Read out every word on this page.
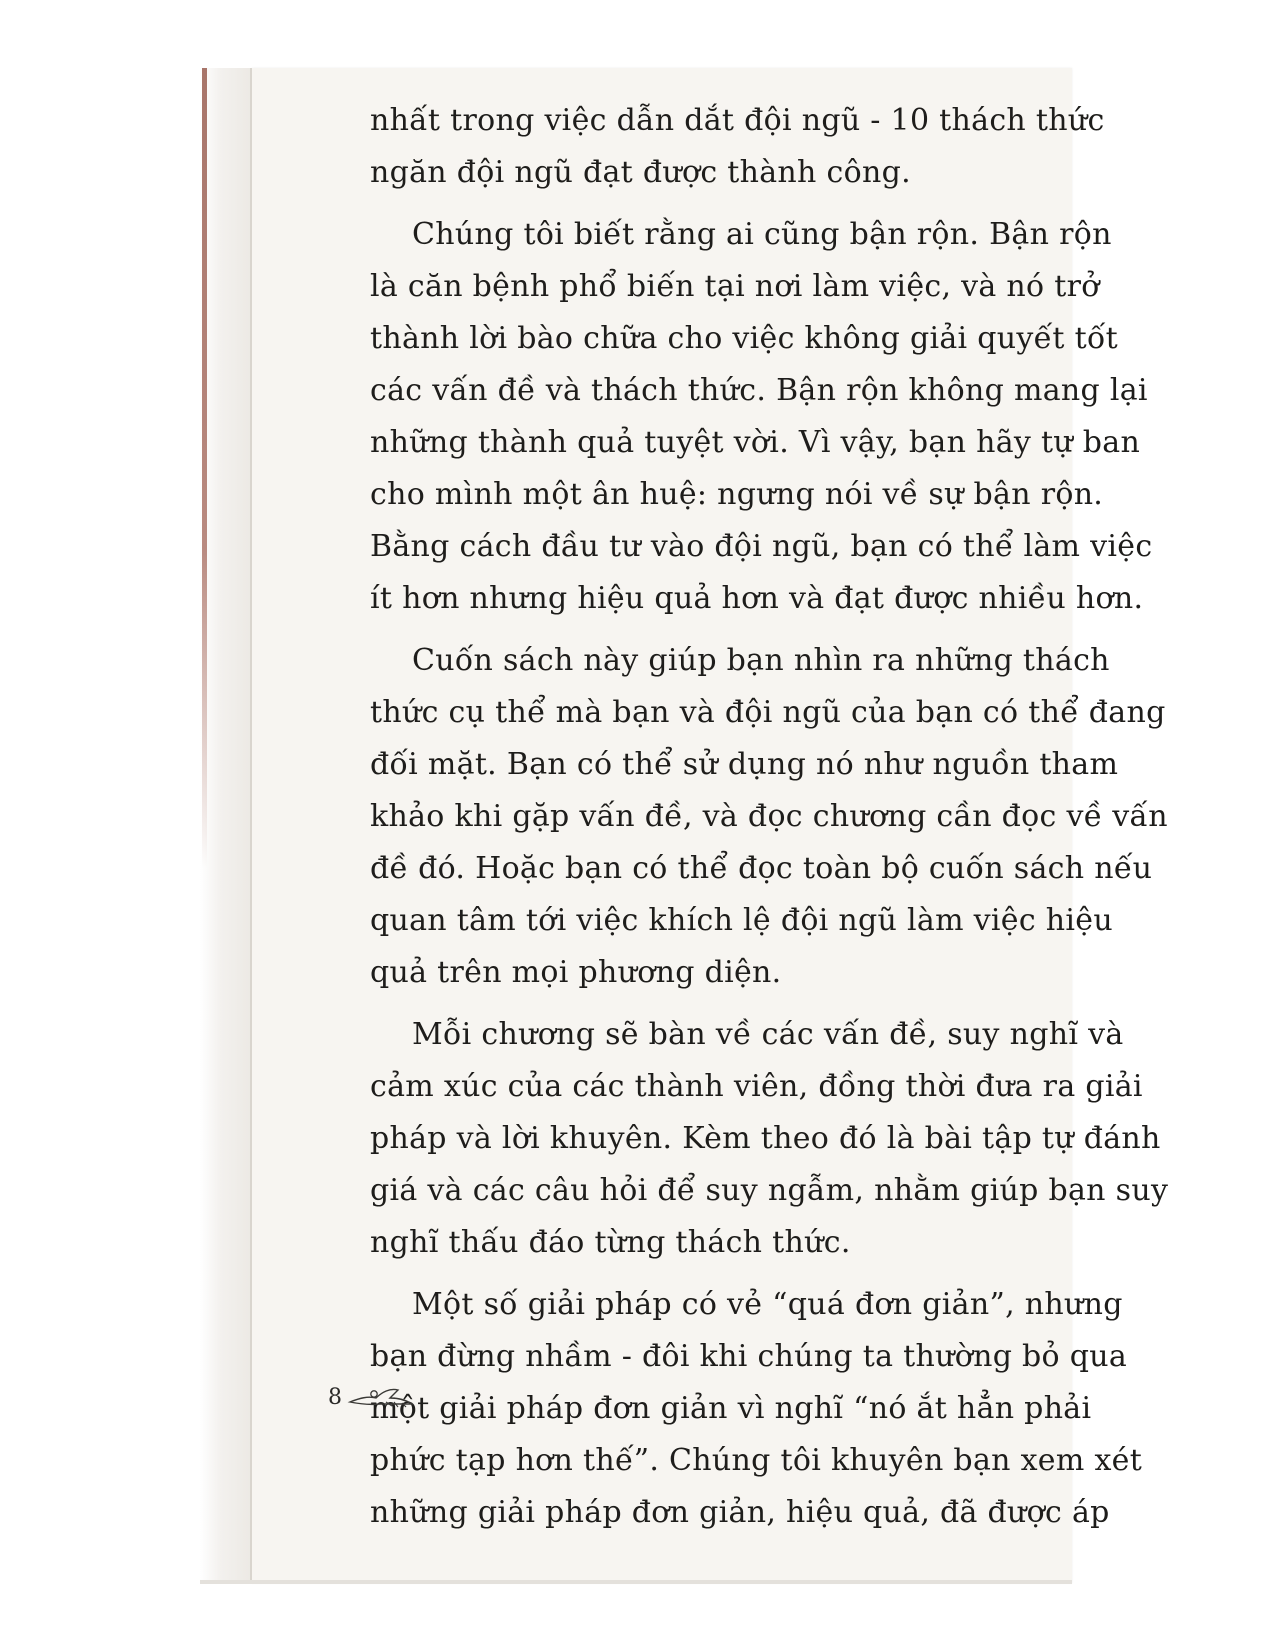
nhất trong việc dẫn dắt đội ngũ - 10 thách thức
ngăn đội ngũ đạt được thành công.
Chúng tôi biết rằng ai cũng bận rộn. Bận rộn
là căn bệnh phổ biến tại nơi làm việc, và nó trở
thành lời bào chữa cho việc không giải quyết tốt
các vấn đề và thách thức. Bận rộn không mang lại
những thành quả tuyệt vời. Vì vậy, bạn hãy tự ban
cho mình một ân huệ: ngưng nói về sự bận rộn.
Bằng cách đầu tư vào đội ngũ, bạn có thể làm việc
ít hơn nhưng hiệu quả hơn và đạt được nhiều hơn.
Cuốn sách này giúp bạn nhìn ra những thách
thức cụ thể mà bạn và đội ngũ của bạn có thể đang
đối mặt. Bạn có thể sử dụng nó như nguồn tham
khảo khi gặp vấn đề, và đọc chương cần đọc về vấn
đề đó. Hoặc bạn có thể đọc toàn bộ cuốn sách nếu
quan tâm tới việc khích lệ đội ngũ làm việc hiệu
quả trên mọi phương diện.
Mỗi chương sẽ bàn về các vấn đề, suy nghĩ và
cảm xúc của các thành viên, đồng thời đưa ra giải
pháp và lời khuyên. Kèm theo đó là bài tập tự đánh
giá và các câu hỏi để suy ngẫm, nhằm giúp bạn suy
nghĩ thấu đáo từng thách thức.
Một số giải pháp có vẻ “quá đơn giản”, nhưng
bạn đừng nhầm - đôi khi chúng ta thường bỏ qua
một giải pháp đơn giản vì nghĩ “nó ắt hẳn phải
phức tạp hơn thế”. Chúng tôi khuyên bạn xem xét
những giải pháp đơn giản, hiệu quả, đã được áp
8
